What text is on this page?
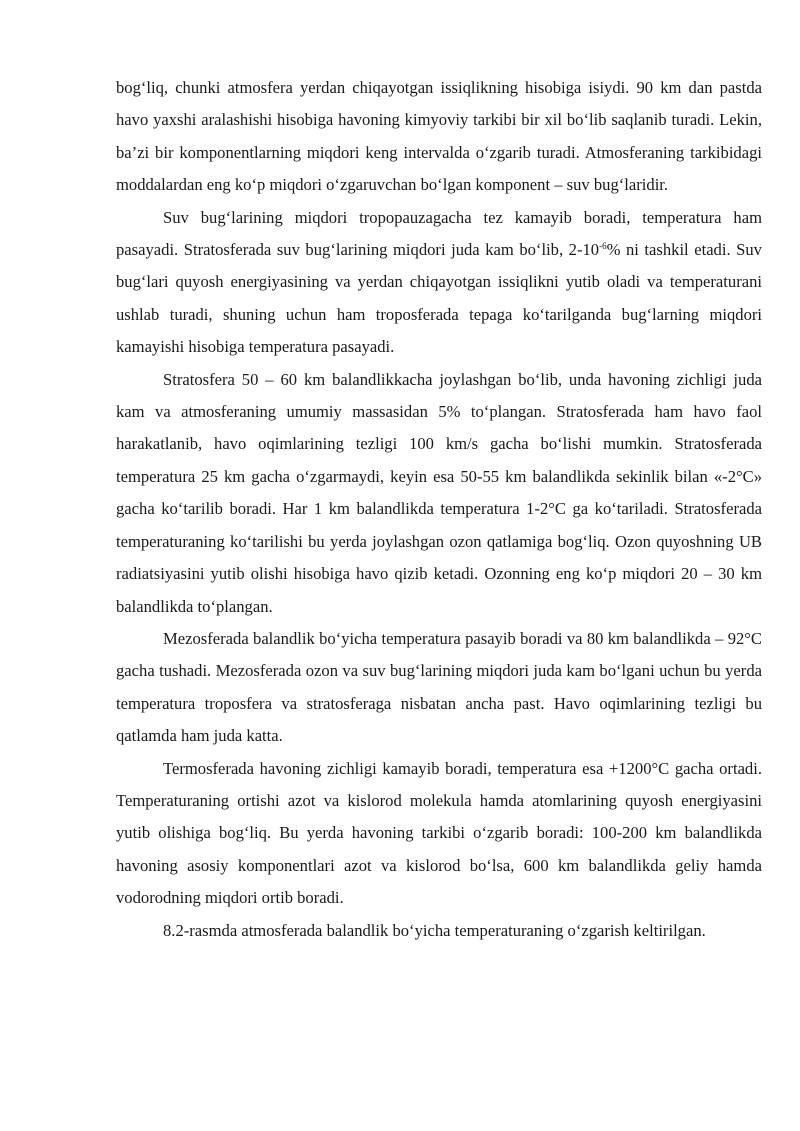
bog‘liq, chunki atmosfera yerdan chiqayotgan issiqlikning hisobiga isiydi. 90 km dan pastda havo yaxshi aralashishi hisobiga havoning kimyoviy tarkibi bir xil bo‘lib saqlanib turadi. Lekin, ba’zi bir komponentlarning miqdori keng intervalda o‘zgarib turadi. Atmosferaning tarkibidagi moddalardan eng ko‘p miqdori o‘zgaruvchan bo‘lgan komponent – suv bug‘laridir.

Suv bug‘larining miqdori tropopauzagacha tez kamayib boradi, temperatura ham pasayadi. Stratosferada suv bug‘larining miqdori juda kam bo‘lib, $2-10^{-6}\%$ ni tashkil etadi. Suv bug‘lari quyosh energiyasining va yerdan chiqayotgan issiqlikni yutib oladi va temperaturani ushlab turadi, shuning uchun ham troposferada tepaga ko‘tarilganda bug‘larning miqdori kamayishi hisobiga temperatura pasayadi.

Stratosfera 50 – 60 km balandlikkacha joylashgan bo‘lib, unda havoning zichligi juda kam va atmosferaning umumiy massasidan 5% to‘plangan. Stratosferada ham havo faol harakatlanib, havo oqimlarining tezligi 100 km/s gacha bo‘lishi mumkin. Stratosferada temperatura 25 km gacha o‘zgarmaydi, keyin esa 50-55 km balandlikda sekinlik bilan «-2°C» gacha ko‘tarilib boradi. Har 1 km balandlikda temperatura 1-2°C ga ko‘tariladi. Stratosferada temperaturaning ko‘tarilishi bu yerda joylashgan ozon qatlamiga bog‘liq. Ozon quyoshning UB radiatsiyasini yutib olishi hisobiga havo qizib ketadi. Ozonning eng ko‘p miqdori 20 – 30 km balandlikda to‘plangan.

Mezosferada balandlik bo‘yicha temperatura pasayib boradi va 80 km balandlikda – 92°C gacha tushadi. Mezosferada ozon va suv bug‘larining miqdori juda kam bo‘lgani uchun bu yerda temperatura troposfera va stratosferaga nisbatan ancha past. Havo oqimlarining tezligi bu qatlamda ham juda katta.

Termosferada havoning zichligi kamayib boradi, temperatura esa +1200°C gacha ortadi. Temperaturaning ortishi azot va kislorod molekula hamda atomlarining quyosh energiyasini yutib olishiga bog‘liq. Bu yerda havoning tarkibi o‘zgarib boradi: 100-200 km balandlikda havoning asosiy komponentlari azot va kislorod bo‘lsa, 600 km balandlikda geliy hamda vodorodning miqdori ortib boradi.

8.2-rasmda atmosferada balandlik bo‘yicha temperaturaning o‘zgarish keltirilgan.
